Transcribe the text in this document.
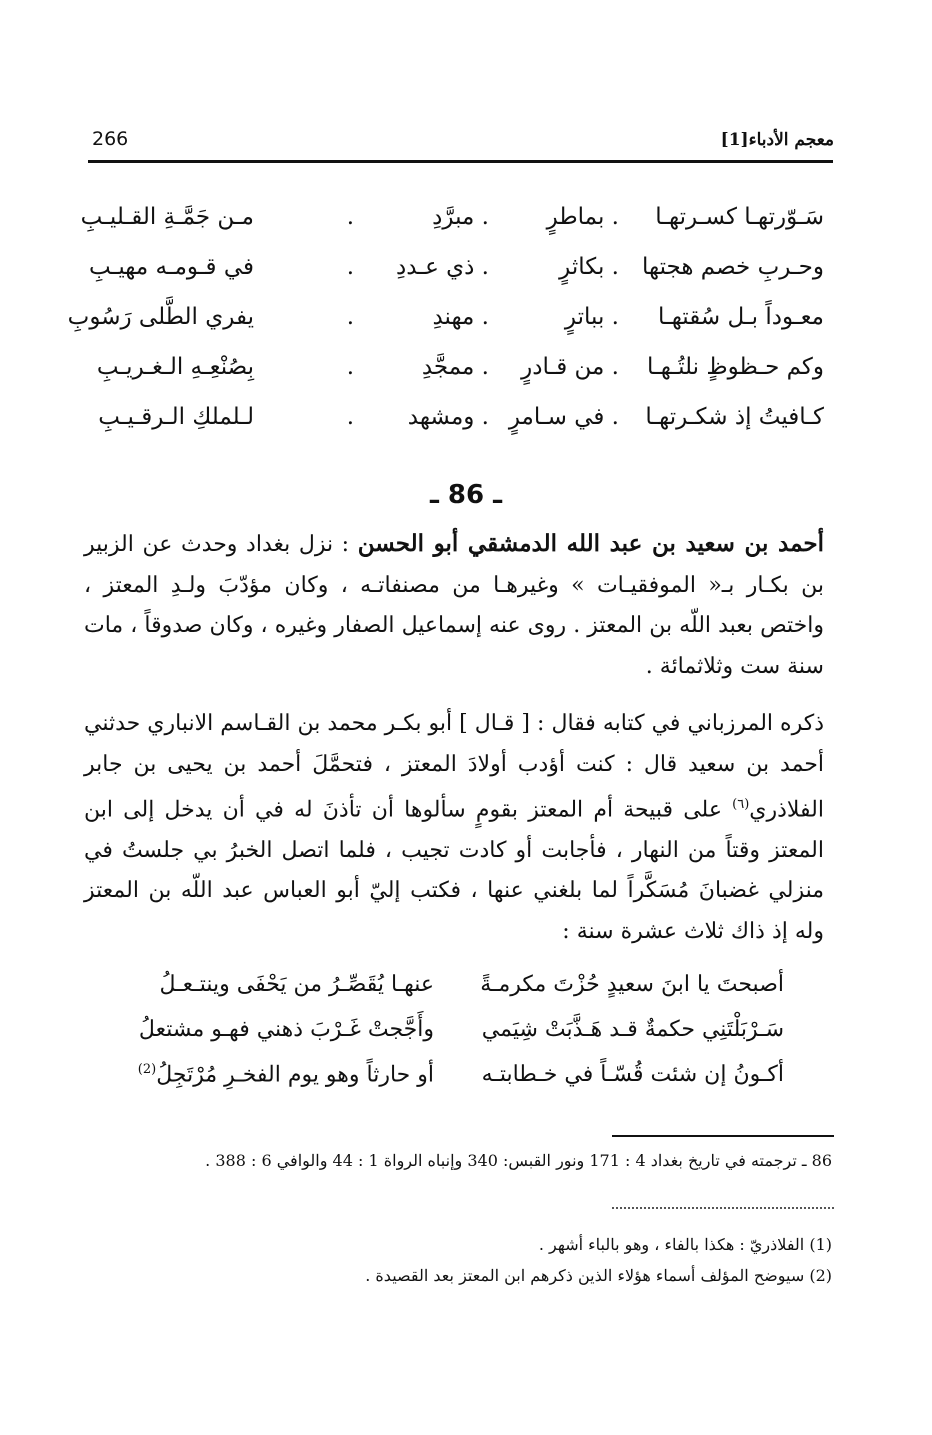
معجم الأدباء[1]
266
سَـوّرتهـا كسـرتهـا
. بماطرٍ
. مبرَّدِ
.
مـن جَمَّـةِ القـليـبِ
وحـربِ خصم هجتها
. بكاثرٍ
. ذي عـددِ
.
في قـومـه مهيـبِ
معـوداً بـل سُقتهـا
. بباترٍ
. مهندِ
.
يفري الطَّلى رَسُوبِ
وكم حـظوظٍ نلتُـهـا
. من قـادرٍ
. ممجَّدِ
.
بِصُنْعِـهِ الـغـريـبِ
كـافيتُ إذ شكـرتهـا
. في سـامرٍ
. ومشهد
.
لـلملكِ الـرقـيـبِ
ـ 86 ـ
أحمد بن سعيد بن عبد الله الدمشقي أبو الحسن : نزل بغداد وحدث عن الزبير بن بكـار بـ« الموفقيـات » وغيرهـا من مصنفاتـه ، وكان مؤدّبَ ولـدِ المعتز ، واختص بعبد اللّه بن المعتز . روى عنه إسماعيل الصفار وغيره ، وكان صدوقاً ، مات سنة ست وثلاثمائة .
ذكره المرزباني في كتابه فقال : [ قـال ] أبو بكـر محمد بن القـاسم الانباري حدثني أحمد بن سعيد قال : كنت أؤدب أولادَ المعتز ، فتحمَّلَ أحمد بن يحيى بن جابر الفلاذري$^{(٦)}$ على قبيحة أم المعتز بقومٍ سألوها أن تأذنَ له في أن يدخل إلى ابن المعتز وقتاً من النهار ، فأجابت أو كادت تجيب ، فلما اتصل الخبرُ بي جلستُ في منزلي غضبانَ مُسَكَّراً لما بلغني عنها ، فكتب إليّ أبو العباس عبد اللّه بن المعتز وله إذ ذاك ثلاث عشرة سنة :
أصبحتَ يا ابنَ سعيدٍ حُزْتَ مكرمـةً
عنهـا يُقَصِّـرُ من يَحْفَى وينتـعـلُ
سَـرْبَلْتَنِي حكمةٌ قـد هَـذَّبَتْ شِيَمي
وأَجَّجتْ غَـرْبَ ذهني فهـو مشتعلُ
أكـونُ إن شئت قُسّـاً في خـطابتـه
أو حارثاً وهو يوم الفخـرِ مُرْتَجِلُ$^{(2)}$
86 ـ ترجمته في تاريخ بغداد 4 : 171 ونور القبس: 340 وإنباه الرواة 1 : 44 والوافي 6 : 388 .
(1) الفلاذريّ : هكذا بالفاء ، وهو بالباء أشهر .
(2) سيوضح المؤلف أسماء هؤلاء الذين ذكرهم ابن المعتز بعد القصيدة .
